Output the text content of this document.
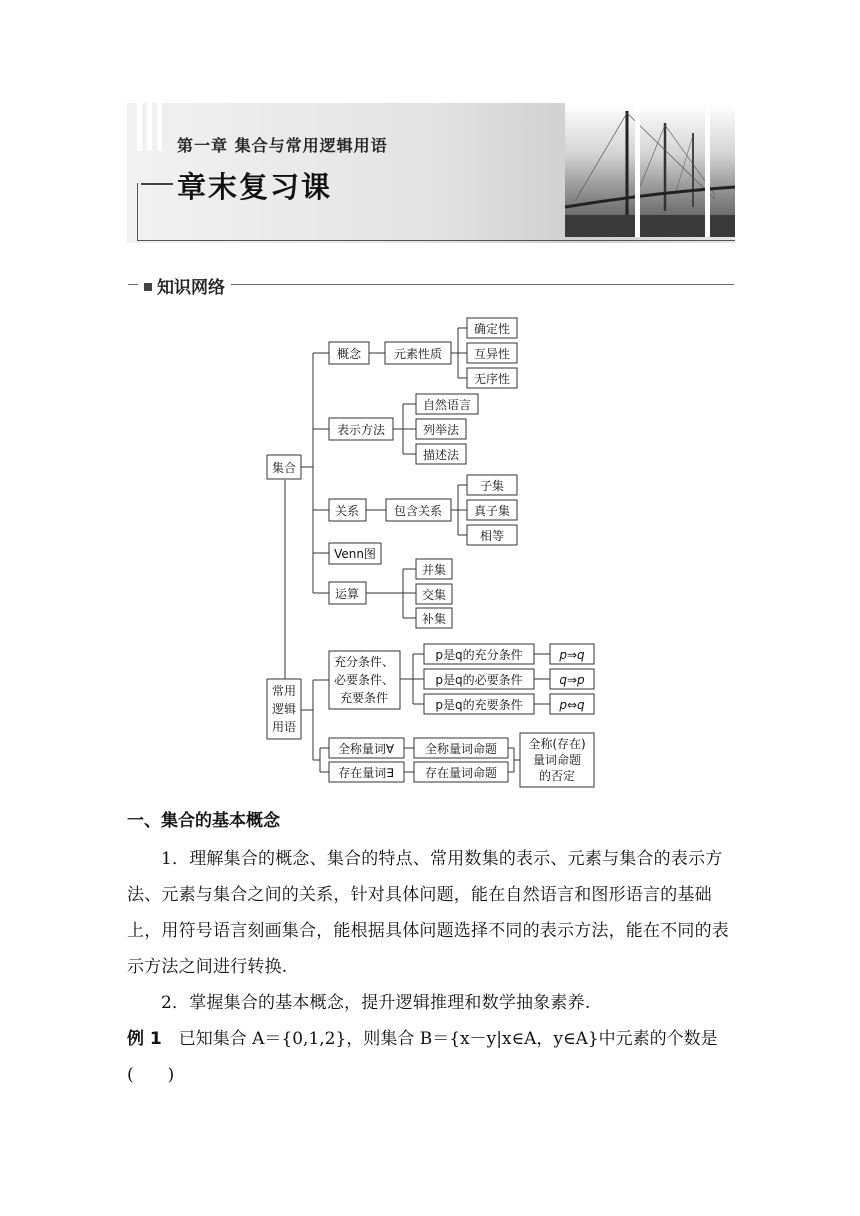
第一章 集合与常用逻辑用语
章末复习课
知识网络
集合
概念	元素性质
确定性
互异性
无序性
表示方法
自然语言
列举法
描述法
关系	包含关系
子集
真子集
相等
Venn图
运算
并集
交集
补集
常用
逻辑
用语
充分条件、
必要条件、
充要条件
p是q的充分条件
p是q的必要条件
p是q的充要条件
p⇒q
q⇒p
p⇔q
全称量词∀
存在量词∃
全称量词命题
存在量词命题
全称(存在)
量词命题
的否定
一、集合的基本概念
1．理解集合的概念、集合的特点、常用数集的表示、元素与集合的表示方法、元素与集合之间的关系，针对具体问题，能在自然语言和图形语言的基础上，用符号语言刻画集合，能根据具体问题选择不同的表示方法，能在不同的表示方法之间进行转换.
2．掌握集合的基本概念，提升逻辑推理和数学抽象素养.
例 1　 已知集合 A＝{0,1,2}，则集合 B＝{x－y|x∈A，y∈A}中元素的个数是(　　)
